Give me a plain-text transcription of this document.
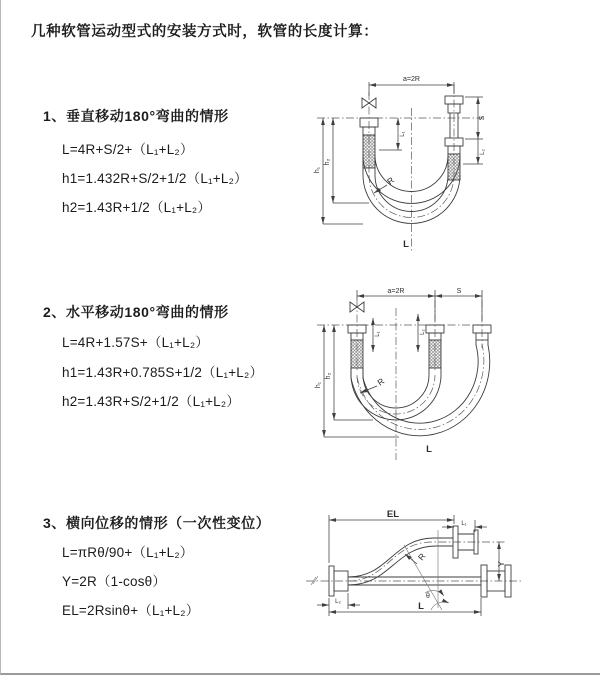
几种软管运动型式的安装方式时，软管的长度计算：
1、垂直移动180°弯曲的情形
L=4R+S/2+（L₁+L₂）
h1=1.432R+S/2+1/2（L₁+L₂）
h2=1.43R+1/2（L₁+L₂）
2、水平移动180°弯曲的情形
L=4R+1.57S+（L₁+L₂）
h1=1.43R+0.785S+1/2（L₁+L₂）
h2=1.43R+S/2+1/2（L₁+L₂）
3、横向位移的情形（一次性变位）
L=πRθ/90+（L₁+L₂）
Y=2R（1-cosθ）
EL=2Rsinθ+（L₁+L₂）
a=2R
L₁
S
L₂
h₁
h₂
R
L
a=2R	S
L₁	L₂
h₁
h₂	R
L
EL
L₁
Y
R
θ
L
L₂
